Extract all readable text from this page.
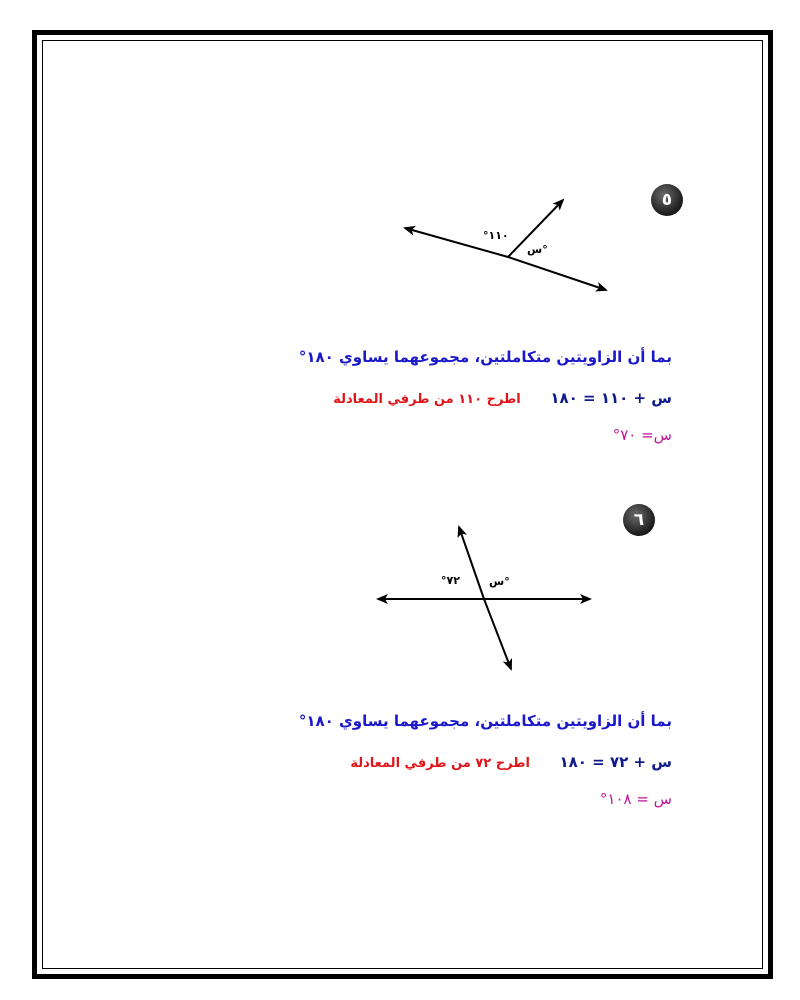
°١١٠
س°
°٧٢	س°
٥
بما أن الزاويتين متكاملتين، مجموعهما يساوي ١٨٠°
س + ١١٠ = ١٨٠ اطرح ١١٠ من طرفي المعادلة
س= ٧٠°
٦
بما أن الزاويتين متكاملتين، مجموعهما يساوي ١٨٠°
س + ٧٢ = ١٨٠ اطرح ٧٢ من طرفي المعادلة
س = ١٠٨°
